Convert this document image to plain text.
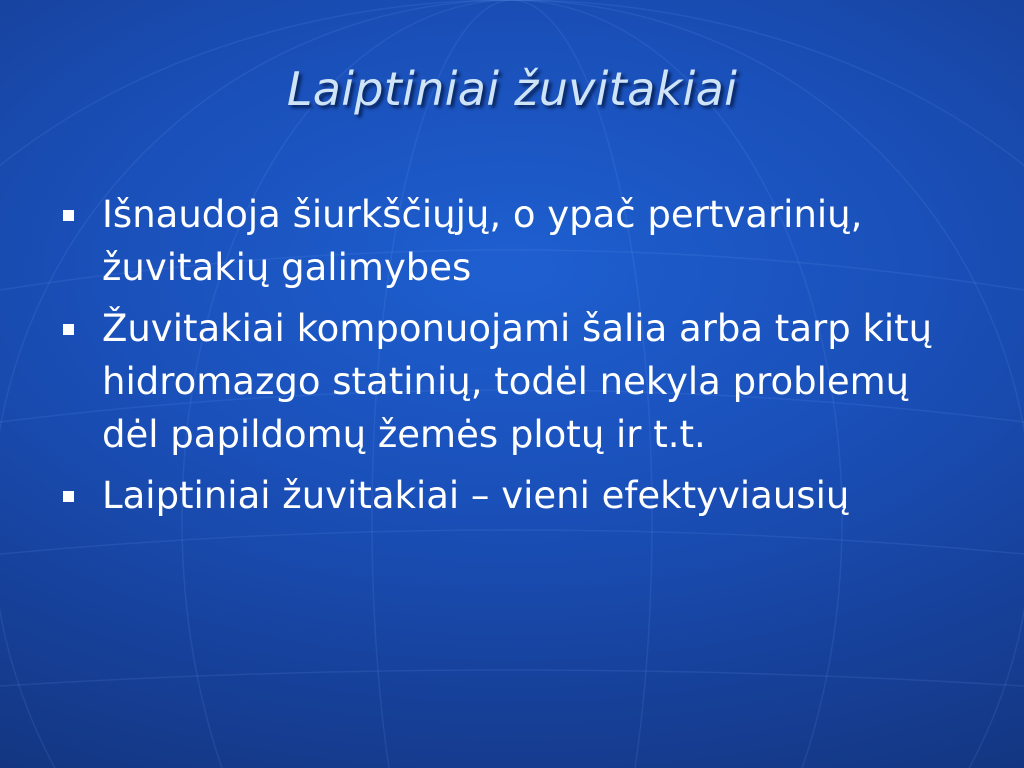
Laiptiniai žuvitakiai
Išnaudoja šiurkščiųjų, o ypač pertvarinių, žuvitakių galimybes
Žuvitakiai komponuojami šalia arba tarp kitų hidromazgo statinių, todėl nekyla problemų dėl papildomų žemės plotų ir t.t.
Laiptiniai žuvitakiai – vieni efektyviausių
